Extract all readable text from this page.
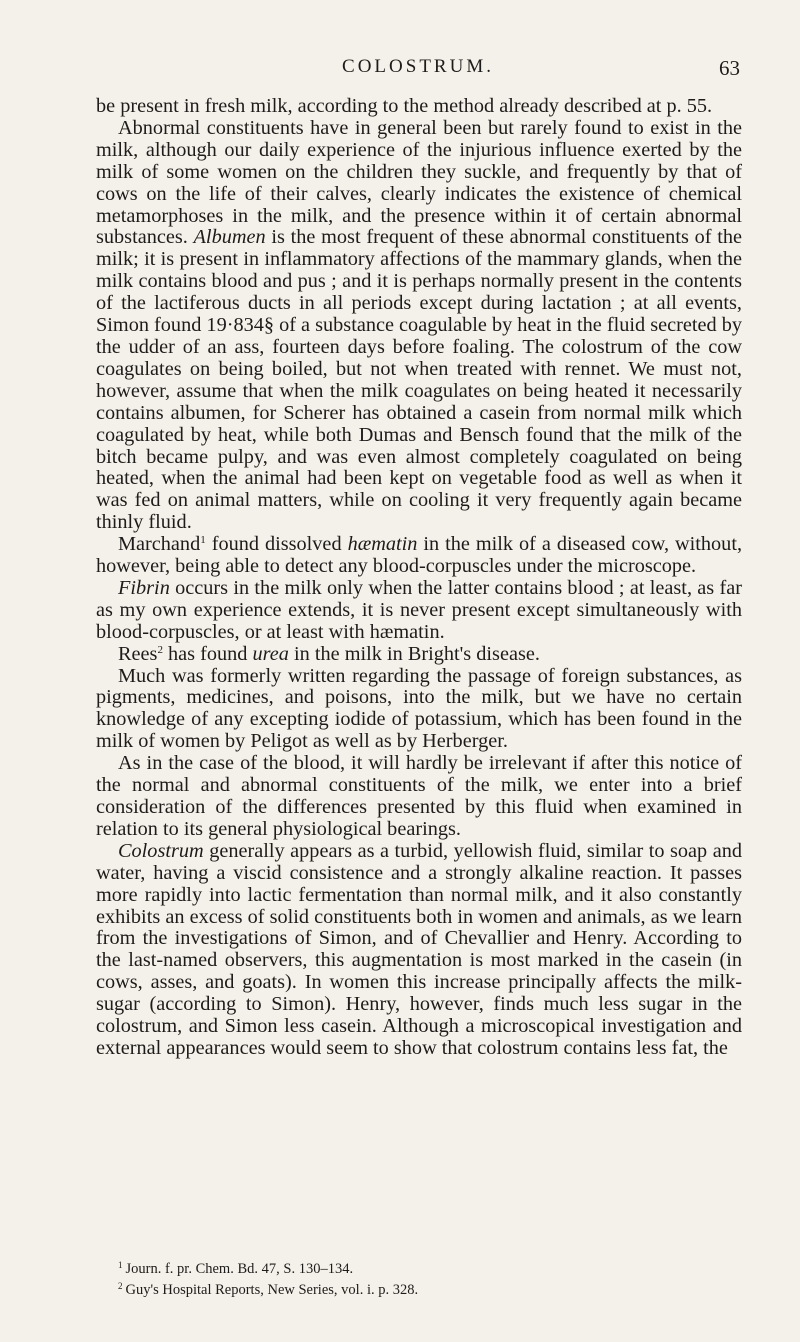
COLOSTRUM.	63

be present in fresh milk, according to the method already described at p. 55.

Abnormal constituents have in general been but rarely found to exist in the milk, although our daily experience of the injurious influence exerted by the milk of some women on the children they suckle, and frequently by that of cows on the life of their calves, clearly indicates the existence of chemical metamorphoses in the milk, and the presence within it of certain abnormal substances. Albumen is the most frequent of these abnormal constituents of the milk; it is present in inflammatory affections of the mammary glands, when the milk contains blood and pus ; and it is perhaps normally present in the contents of the lactiferous ducts in all periods except during lactation ; at all events, Simon found 19·834§ of a substance coagulable by heat in the fluid secreted by the udder of an ass, fourteen days before foaling. The colostrum of the cow coagulates on being boiled, but not when treated with rennet. We must not, however, assume that when the milk coagulates on being heated it necessarily contains albumen, for Scherer has obtained a casein from normal milk which coagulated by heat, while both Dumas and Bensch found that the milk of the bitch became pulpy, and was even almost completely coagulated on being heated, when the animal had been kept on vegetable food as well as when it was fed on animal matters, while on cooling it very frequently again became thinly fluid.

Marchand$^1$ found dissolved hæmatin in the milk of a diseased cow, without, however, being able to detect any blood-corpuscles under the microscope.

Fibrin occurs in the milk only when the latter contains blood ; at least, as far as my own experience extends, it is never present except simultaneously with blood-corpuscles, or at least with hæmatin.

Rees$^2$ has found urea in the milk in Bright's disease.

Much was formerly written regarding the passage of foreign substances, as pigments, medicines, and poisons, into the milk, but we have no certain knowledge of any excepting iodide of potassium, which has been found in the milk of women by Peligot as well as by Herberger.

As in the case of the blood, it will hardly be irrelevant if after this notice of the normal and abnormal constituents of the milk, we enter into a brief consideration of the differences presented by this fluid when examined in relation to its general physiological bearings.

Colostrum generally appears as a turbid, yellowish fluid, similar to soap and water, having a viscid consistence and a strongly alkaline reaction. It passes more rapidly into lactic fermentation than normal milk, and it also constantly exhibits an excess of solid constituents both in women and animals, as we learn from the investigations of Simon, and of Chevallier and Henry. According to the last-named observers, this augmentation is most marked in the casein (in cows, asses, and goats). In women this increase principally affects the milk-sugar (according to Simon). Henry, however, finds much less sugar in the colostrum, and Simon less casein. Although a microscopical investigation and external appearances would seem to show that colostrum contains less fat, the

$^1$ Journ. f. pr. Chem. Bd. 47, S. 130–134.
$^2$ Guy's Hospital Reports, New Series, vol. i. p. 328.
